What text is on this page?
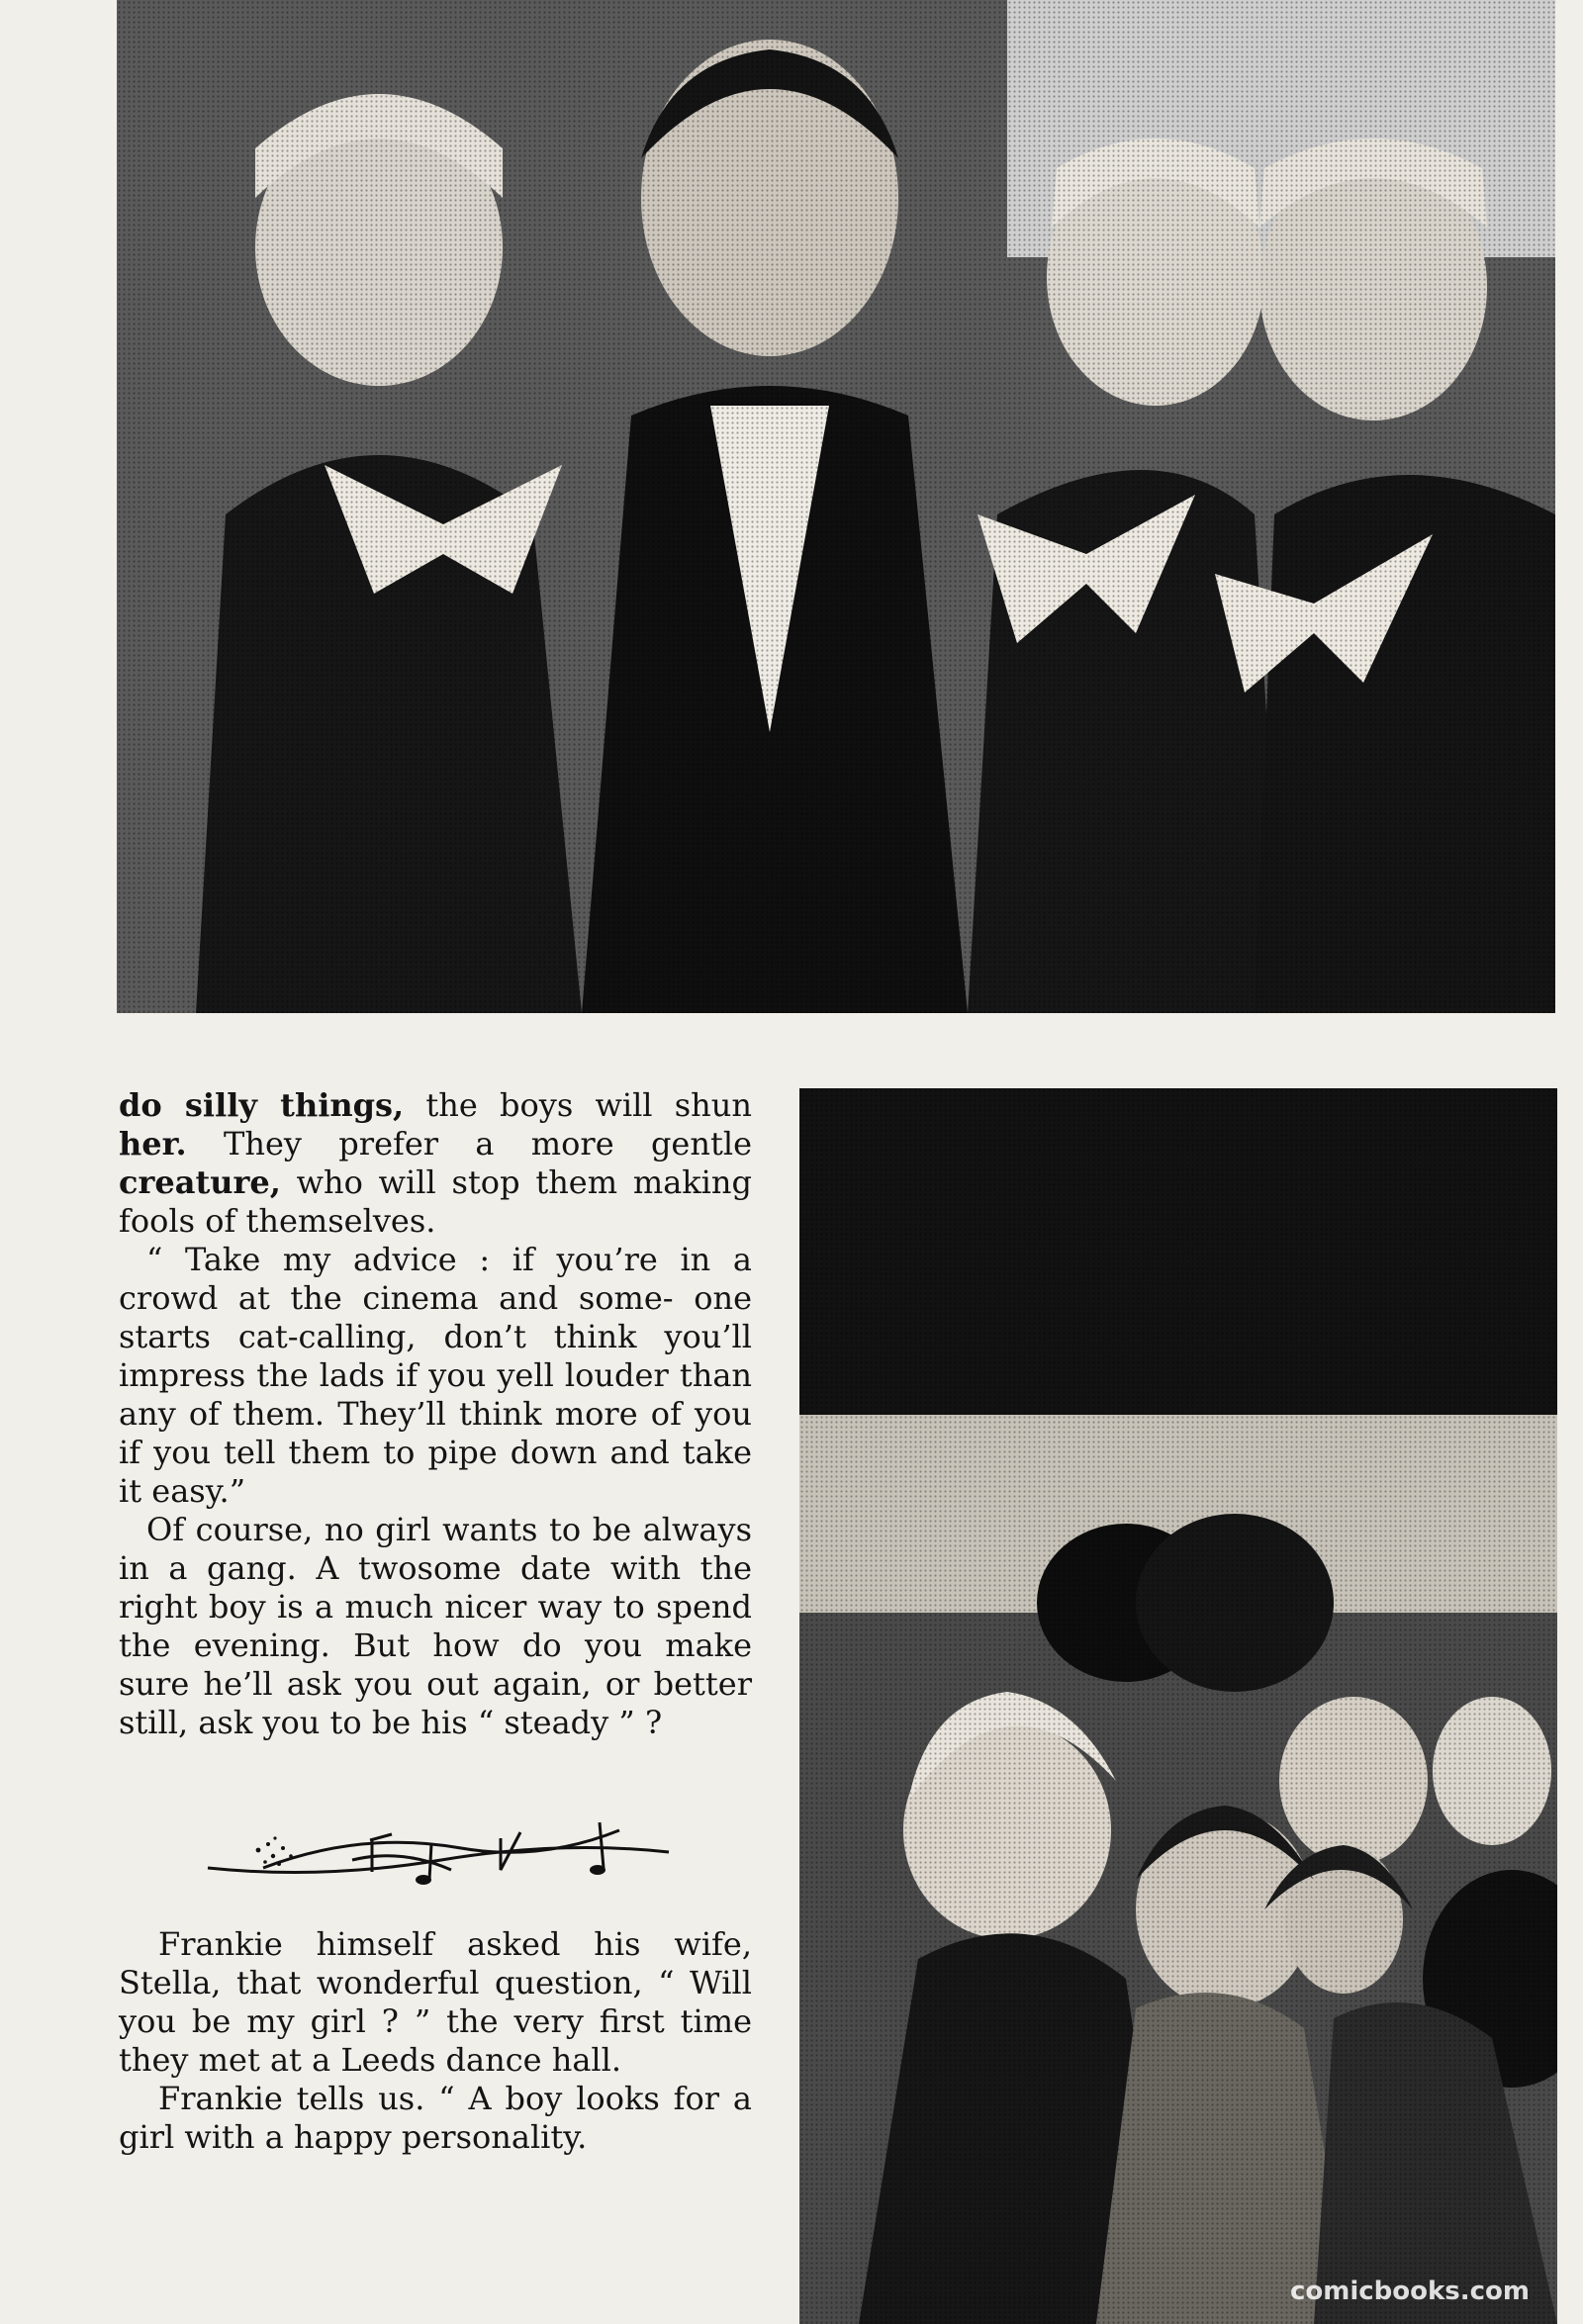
do silly things, the boys will shun her. They prefer a more gentle creature, who will stop them making fools of themselves.

“ Take my advice : if you’re in a crowd at the cinema and some- one starts cat-calling, don’t think you’ll impress the lads if you yell louder than any of them. They’ll think more of you if you tell them to pipe down and take it easy.”

Of course, no girl wants to be always in a gang. A twosome date with the right boy is a much nicer way to spend the evening. But how do you make sure he’ll ask you out again, or better still, ask you to be his “ steady ” ?

Frankie himself asked his wife, Stella, that wonderful question, “ Will you be my girl ? ” the very first time they met at a Leeds dance hall.

Frankie tells us. “ A boy looks for a girl with a happy personality.

comicbooks.com
